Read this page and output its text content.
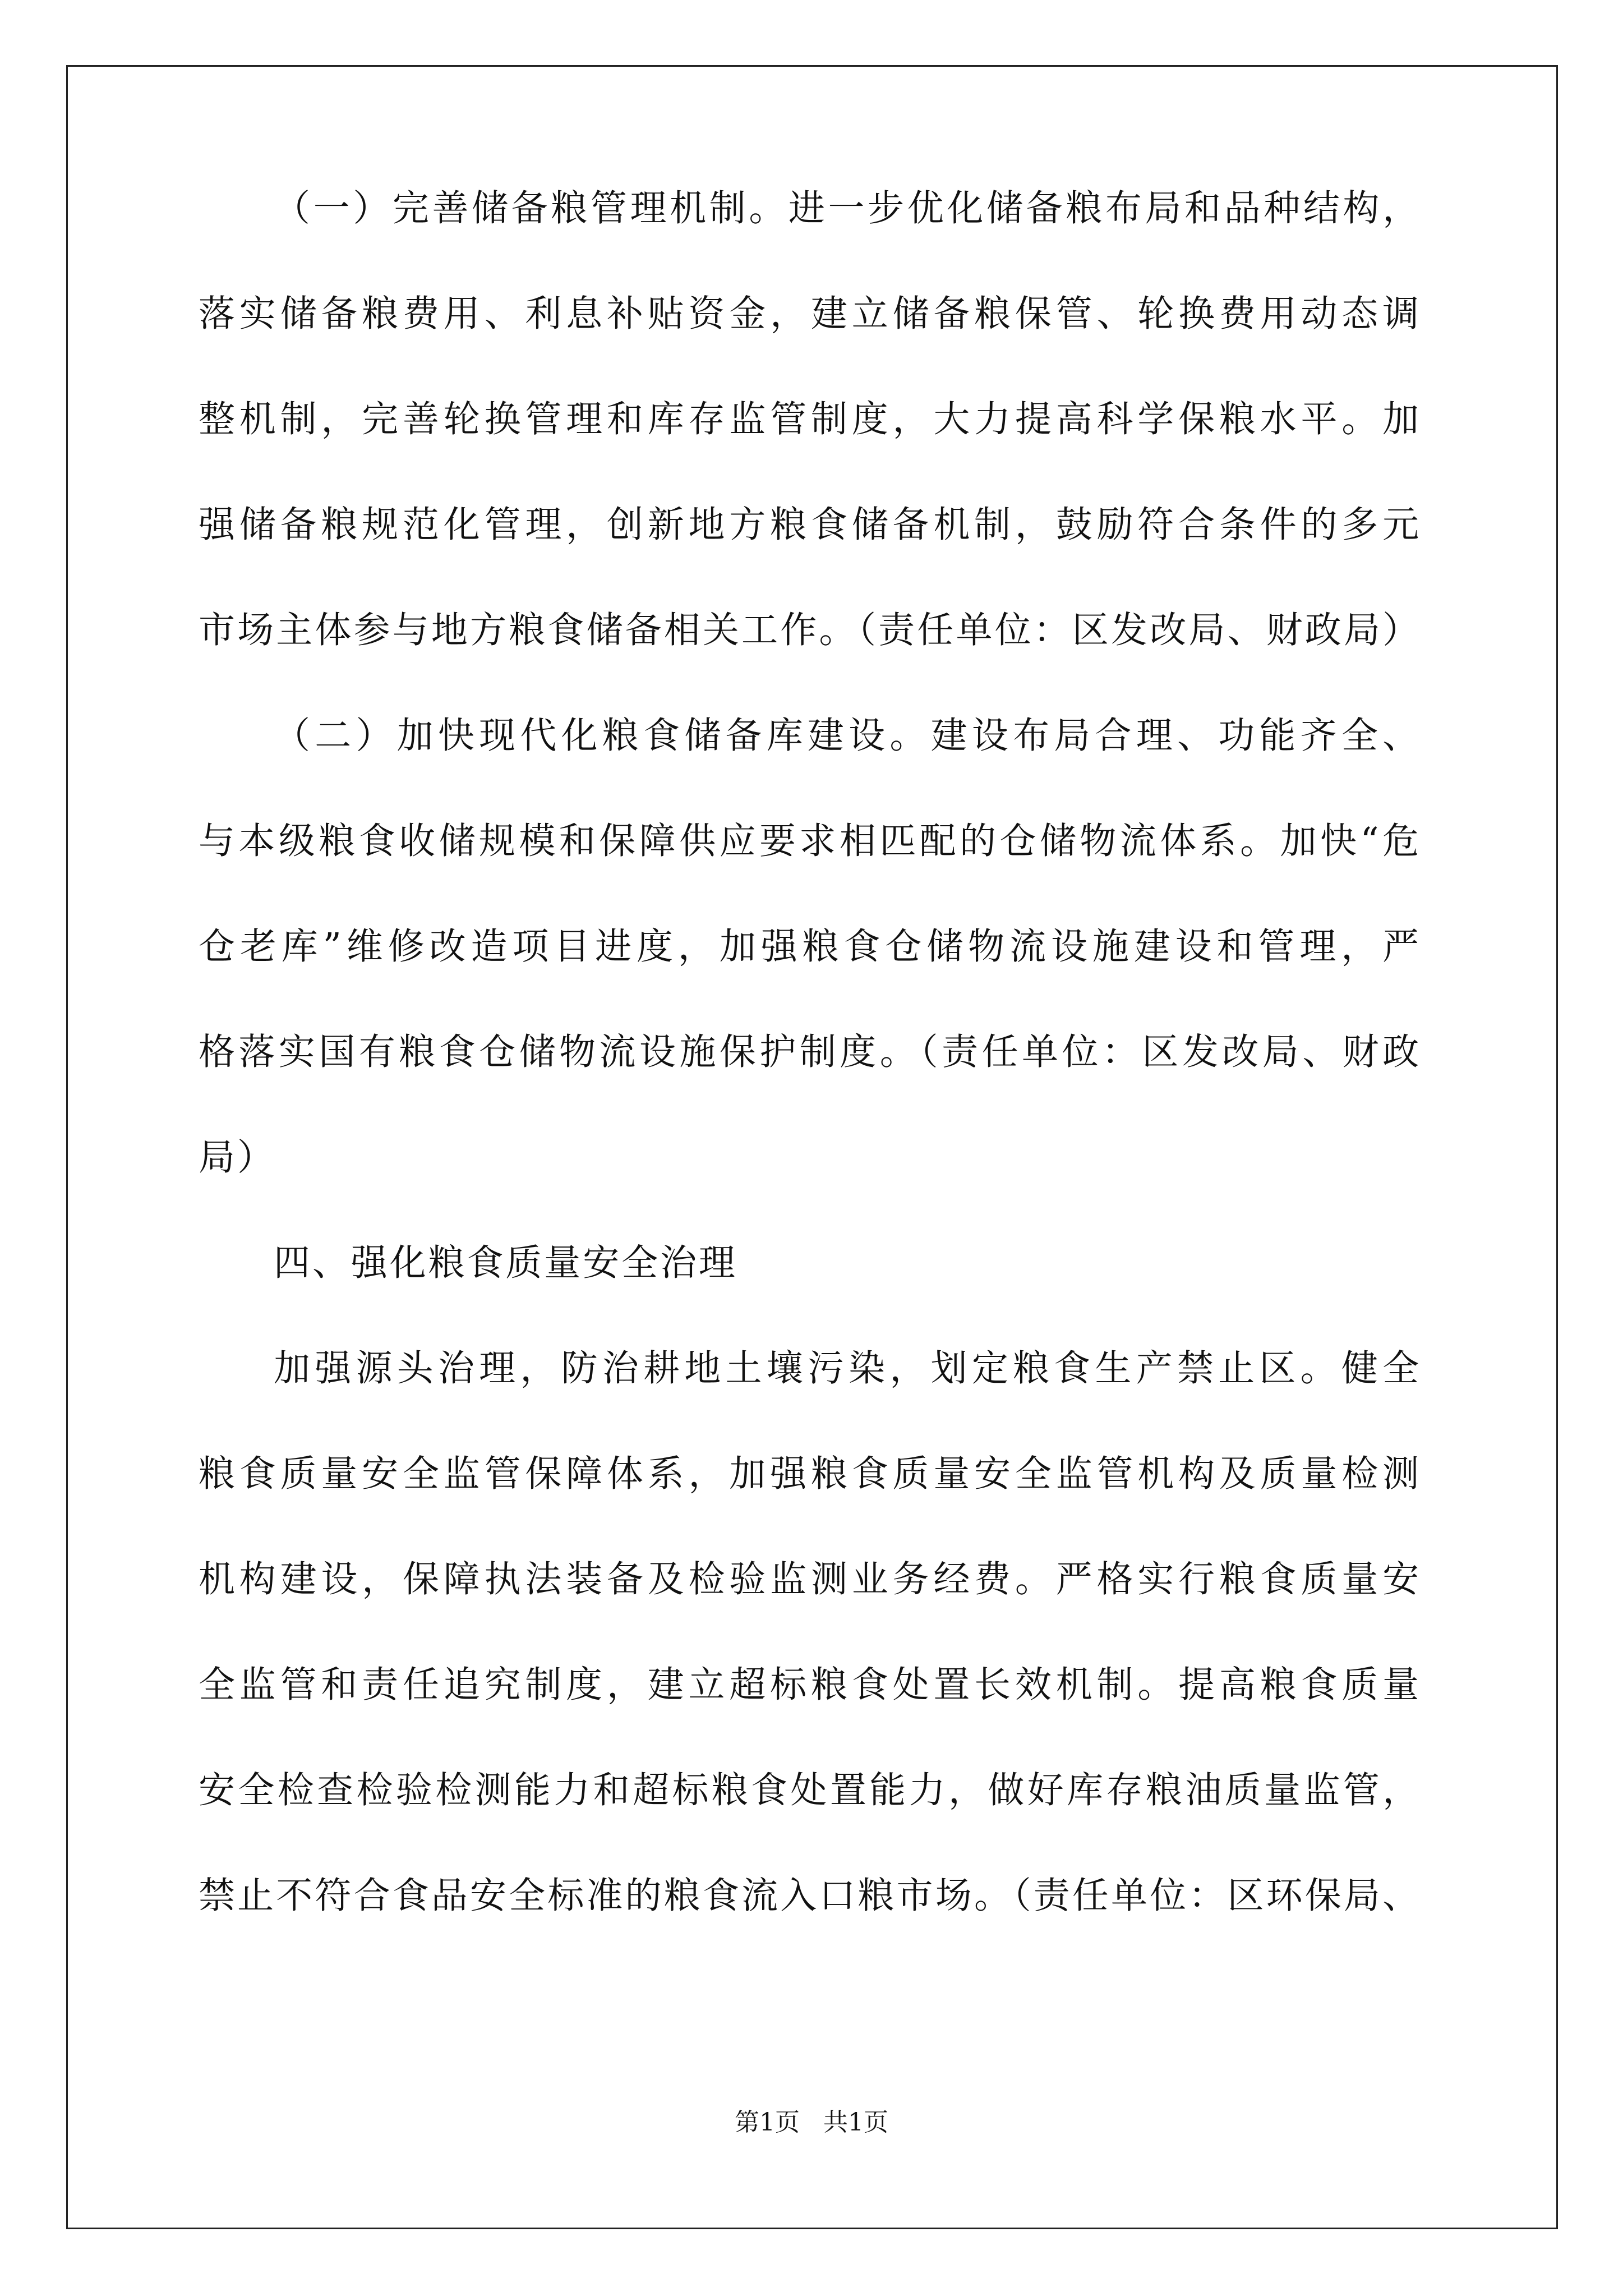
（一）完善储备粮管理机制。进一步优化储备粮布局和品种结构，
落实储备粮费用、利息补贴资金，建立储备粮保管、轮换费用动态调
整机制，完善轮换管理和库存监管制度，大力提高科学保粮水平。加
强储备粮规范化管理，创新地方粮食储备机制，鼓励符合条件的多元
市场主体参与地方粮食储备相关工作。（责任单位：区发改局、财政局）
（二）加快现代化粮食储备库建设。建设布局合理、功能齐全、
与本级粮食收储规模和保障供应要求相匹配的仓储物流体系。加快“危
仓老库”维修改造项目进度，加强粮食仓储物流设施建设和管理，严
格落实国有粮食仓储物流设施保护制度。（责任单位：区发改局、财政
局）
四、强化粮食质量安全治理
加强源头治理，防治耕地土壤污染，划定粮食生产禁止区。健全
粮食质量安全监管保障体系，加强粮食质量安全监管机构及质量检测
机构建设，保障执法装备及检验监测业务经费。严格实行粮食质量安
全监管和责任追究制度，建立超标粮食处置长效机制。提高粮食质量
安全检查检验检测能力和超标粮食处置能力，做好库存粮油质量监管，
禁止不符合食品安全标准的粮食流入口粮市场。（责任单位：区环保局、
第1页   共1页
